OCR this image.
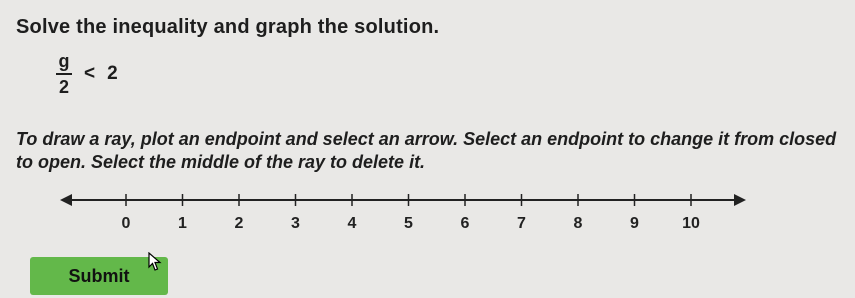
Solve the inequality and graph the solution.
$\frac{g}{2} < 2$
To draw a ray, plot an endpoint and select an arrow. Select an endpoint to change it from closed to open. Select the middle of the ray to delete it.
0	1	2	3	4	5	6	7	8	9	10
Submit
